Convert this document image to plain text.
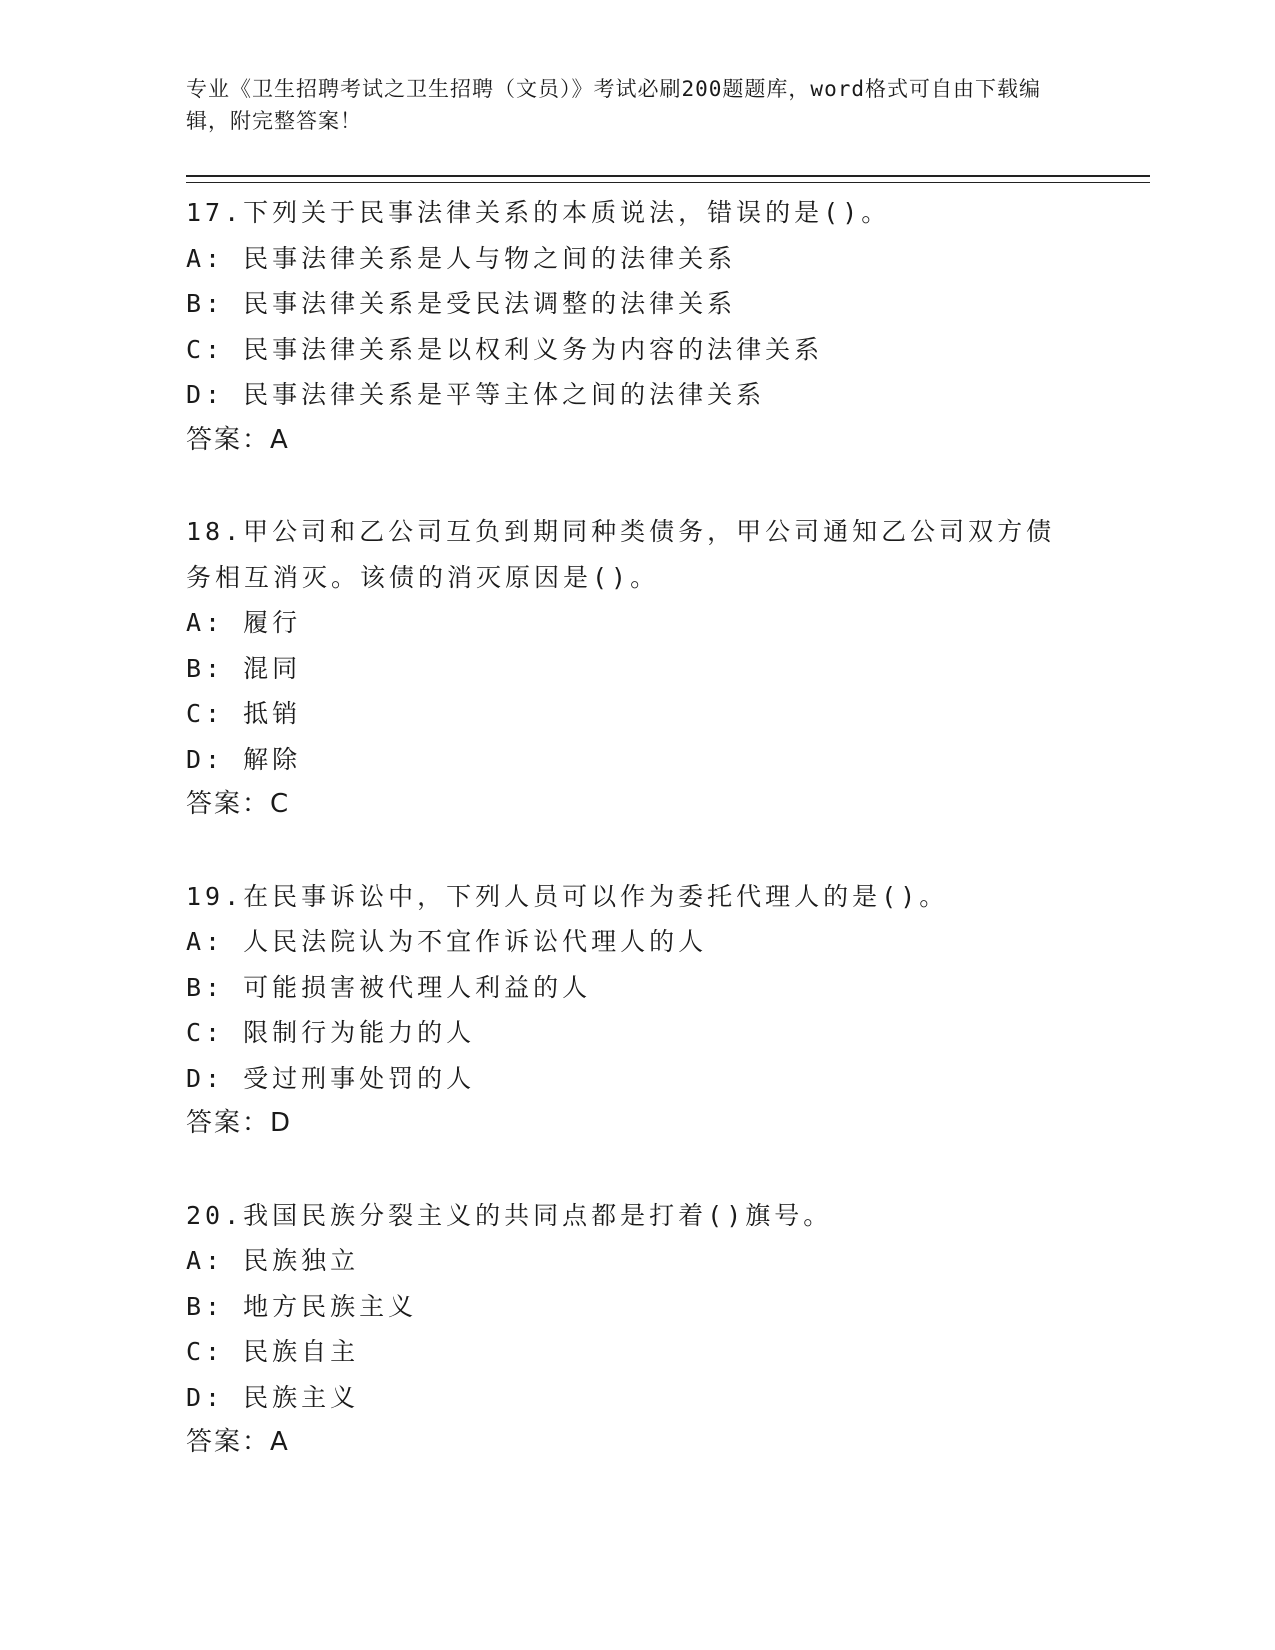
专业《卫生招聘考试之卫生招聘（文员）》考试必刷200题题库，word格式可自由下载编辑，附完整答案！
17.下列关于民事法律关系的本质说法，错误的是()。
A: 民事法律关系是人与物之间的法律关系
B: 民事法律关系是受民法调整的法律关系
C: 民事法律关系是以权利义务为内容的法律关系
D: 民事法律关系是平等主体之间的法律关系
答案：A
18.甲公司和乙公司互负到期同种类债务，甲公司通知乙公司双方债务相互消灭。该债的消灭原因是()。
A: 履行
B: 混同
C: 抵销
D: 解除
答案：C
19.在民事诉讼中，下列人员可以作为委托代理人的是()。
A: 人民法院认为不宜作诉讼代理人的人
B: 可能损害被代理人利益的人
C: 限制行为能力的人
D: 受过刑事处罚的人
答案：D
20.我国民族分裂主义的共同点都是打着()旗号。
A: 民族独立
B: 地方民族主义
C: 民族自主
D: 民族主义
答案：A
